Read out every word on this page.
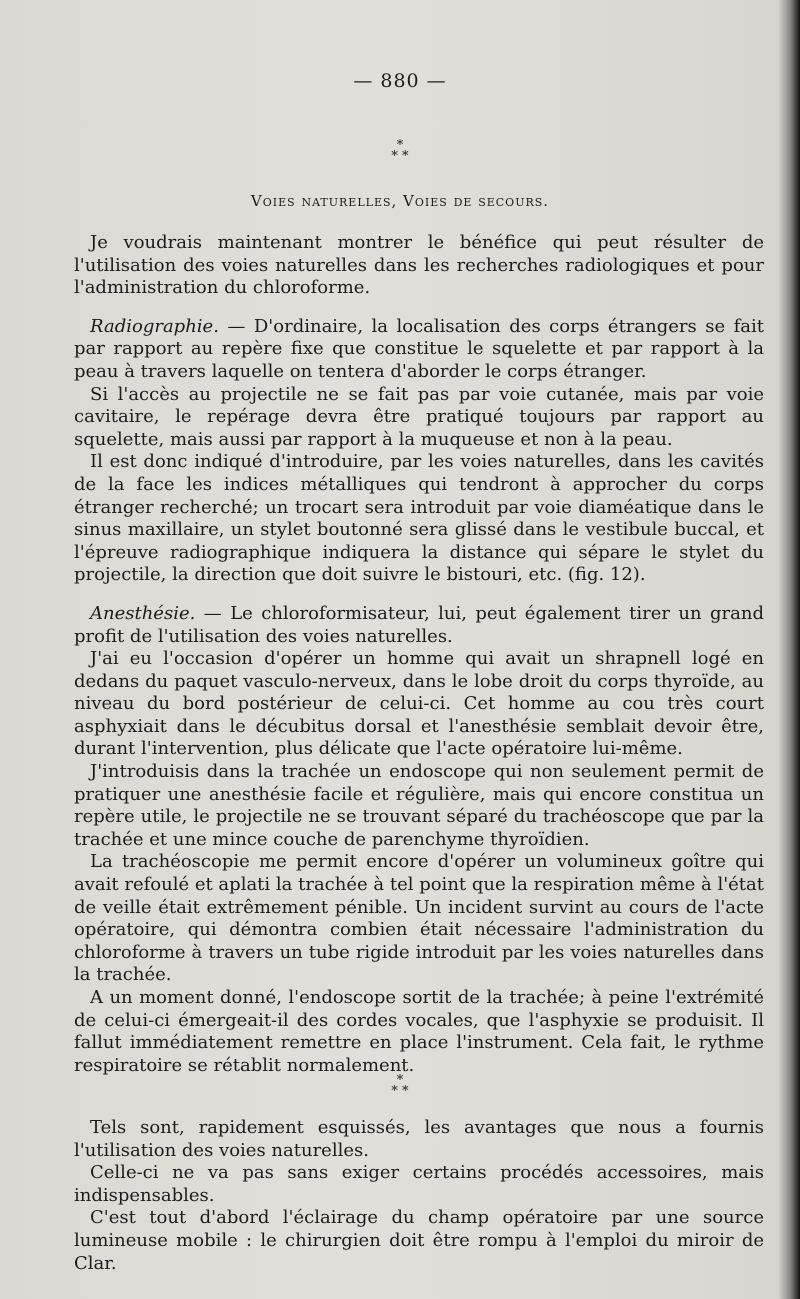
— 880 —
*
* *
Voies naturelles, Voies de secours.

Je voudrais maintenant montrer le bénéfice qui peut résulter de l'utilisation des voies naturelles dans les recherches radiologiques et pour l'administration du chloroforme.

Radiographie. — D'ordinaire, la localisation des corps étrangers se fait par rapport au repère fixe que constitue le squelette et par rapport à la peau à travers laquelle on tentera d'aborder le corps étranger.

Si l'accès au projectile ne se fait pas par voie cutanée, mais par voie cavitaire, le repérage devra être pratiqué toujours par rapport au squelette, mais aussi par rapport à la muqueuse et non à la peau.

Il est donc indiqué d'introduire, par les voies naturelles, dans les cavités de la face les indices métalliques qui tendront à approcher du corps étranger recherché; un trocart sera introduit par voie diaméatique dans le sinus maxillaire, un stylet boutonné sera glissé dans le vestibule buccal, et l'épreuve radiographique indiquera la distance qui sépare le stylet du projectile, la direction que doit suivre le bistouri, etc. (fig. 12).

Anesthésie. — Le chloroformisateur, lui, peut également tirer un grand profit de l'utilisation des voies naturelles.

J'ai eu l'occasion d'opérer un homme qui avait un shrapnell logé en dedans du paquet vasculo-nerveux, dans le lobe droit du corps thyroïde, au niveau du bord postérieur de celui-ci. Cet homme au cou très court asphyxiait dans le décubitus dorsal et l'anesthésie semblait devoir être, durant l'intervention, plus délicate que l'acte opératoire lui-même.

J'introduisis dans la trachée un endoscope qui non seulement permit de pratiquer une anesthésie facile et régulière, mais qui encore constitua un repère utile, le projectile ne se trouvant séparé du trachéoscope que par la trachée et une mince couche de parenchyme thyroïdien.

La trachéoscopie me permit encore d'opérer un volumineux goître qui avait refoulé et aplati la trachée à tel point que la respiration même à l'état de veille était extrêmement pénible. Un incident survint au cours de l'acte opératoire, qui démontra combien était nécessaire l'administration du chloroforme à travers un tube rigide introduit par les voies naturelles dans la trachée.

A un moment donné, l'endoscope sortit de la trachée; à peine l'extrémité de celui-ci émergeait-il des cordes vocales, que l'asphyxie se produisit. Il fallut immédiatement remettre en place l'instrument. Cela fait, le rythme respiratoire se rétablit normalement.

*
* *

Tels sont, rapidement esquissés, les avantages que nous a fournis l'utilisation des voies naturelles.

Celle-ci ne va pas sans exiger certains procédés accessoires, mais indispensables.

C'est tout d'abord l'éclairage du champ opératoire par une source lumineuse mobile : le chirurgien doit être rompu à l'emploi du miroir de Clar.
